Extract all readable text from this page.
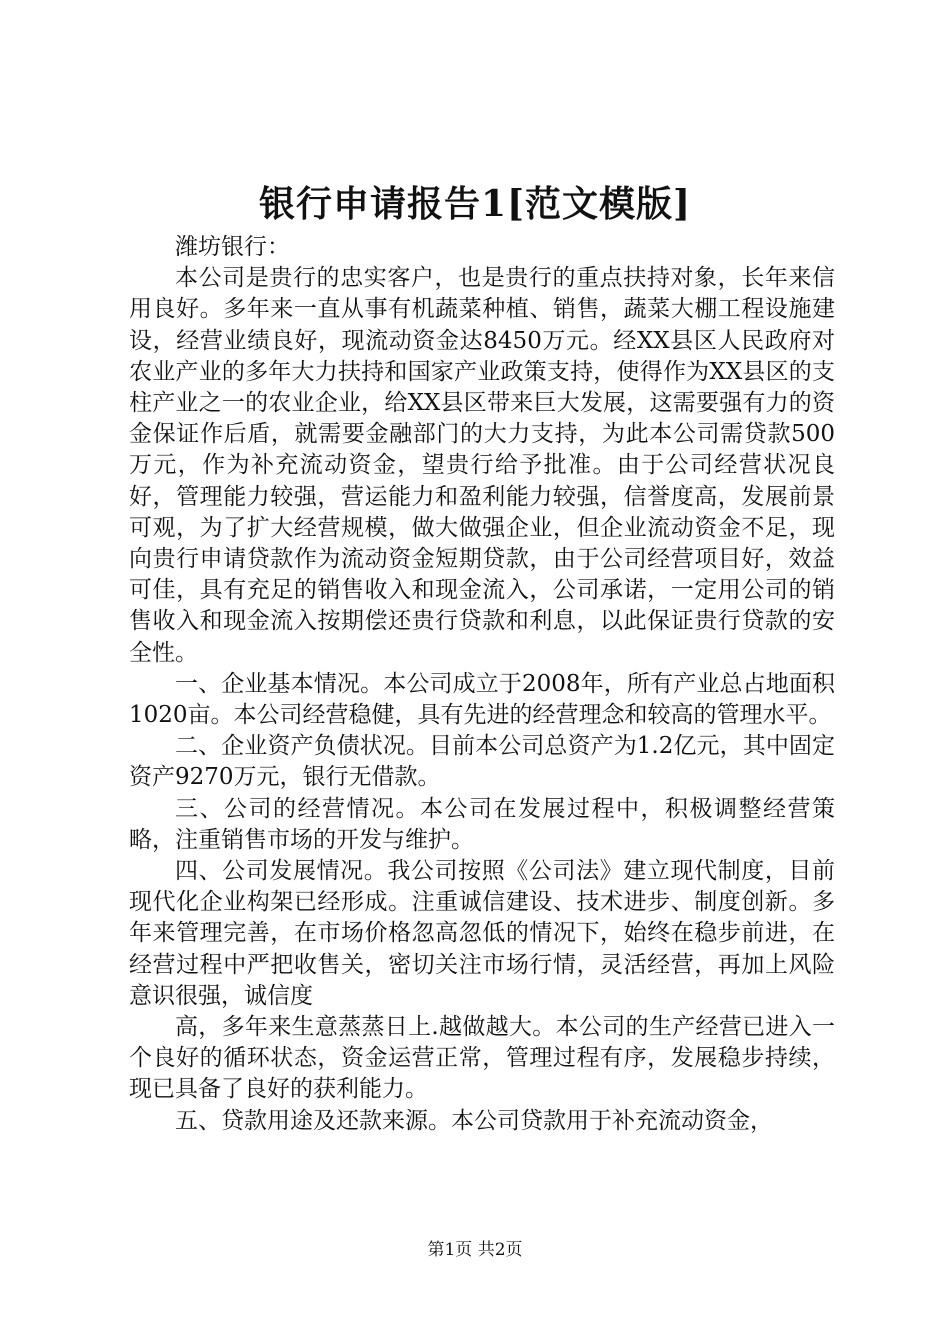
银行申请报告1[范文模版]

潍坊银行：

本公司是贵行的忠实客户，也是贵行的重点扶持对象，长年来信用良好。多年来一直从事有机蔬菜种植、销售，蔬菜大棚工程设施建设，经营业绩良好，现流动资金达8450万元。经XX县区人民政府对农业产业的多年大力扶持和国家产业政策支持，使得作为XX县区的支柱产业之一的农业企业，给XX县区带来巨大发展，这需要强有力的资金保证作后盾，就需要金融部门的大力支持，为此本公司需贷款500万元，作为补充流动资金，望贵行给予批准。由于公司经营状况良好，管理能力较强，营运能力和盈利能力较强，信誉度高，发展前景可观，为了扩大经营规模，做大做强企业，但企业流动资金不足，现向贵行申请贷款作为流动资金短期贷款，由于公司经营项目好，效益可佳，具有充足的销售收入和现金流入，公司承诺，一定用公司的销售收入和现金流入按期偿还贵行贷款和利息，以此保证贵行贷款的安全性。

一、企业基本情况。本公司成立于2008年，所有产业总占地面积1020亩。本公司经营稳健，具有先进的经营理念和较高的管理水平。

二、企业资产负债状况。目前本公司总资产为1.2亿元，其中固定资产9270万元，银行无借款。

三、公司的经营情况。本公司在发展过程中，积极调整经营策略，注重销售市场的开发与维护。

四、公司发展情况。我公司按照《公司法》建立现代制度，目前现代化企业构架已经形成。注重诚信建设、技术进步、制度创新。多年来管理完善，在市场价格忽高忽低的情况下，始终在稳步前进，在经营过程中严把收售关，密切关注市场行情，灵活经营，再加上风险意识很强，诚信度

高，多年来生意蒸蒸日上.越做越大。本公司的生产经营已进入一个良好的循环状态，资金运营正常，管理过程有序，发展稳步持续，现已具备了良好的获利能力。

五、贷款用途及还款来源。本公司贷款用于补充流动资金，

第1页 共2页
